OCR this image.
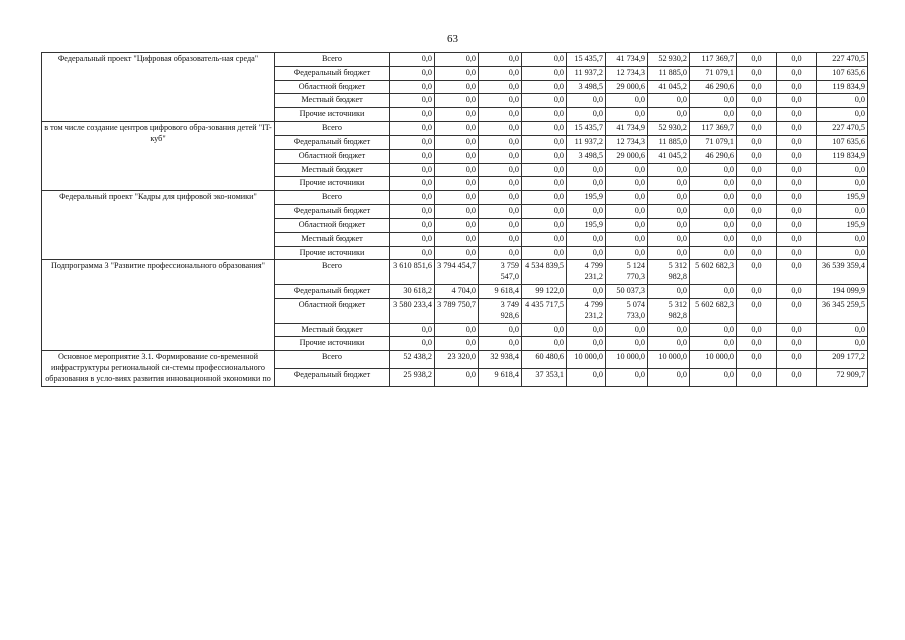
63
Федеральный проект "Цифровая образователь-ная среда"	Всего	0,0	0,0	0,0	0,0	15 435,7	41 734,9	52 930,2	117 369,7	0,0	0,0	227 470,5
	Федеральный бюджет	0,0	0,0	0,0	0,0	11 937,2	12 734,3	11 885,0	71 079,1	0,0	0,0	107 635,6
	Областной бюджет	0,0	0,0	0,0	0,0	3 498,5	29 000,6	41 045,2	46 290,6	0,0	0,0	119 834,9
	Местный бюджет	0,0	0,0	0,0	0,0	0,0	0,0	0,0	0,0	0,0	0,0	0,0
	Прочие источники	0,0	0,0	0,0	0,0	0,0	0,0	0,0	0,0	0,0	0,0	0,0
в том числе создание центров цифрового обра-зования детей "IT-куб"	Всего	0,0	0,0	0,0	0,0	15 435,7	41 734,9	52 930,2	117 369,7	0,0	0,0	227 470,5
	Федеральный бюджет	0,0	0,0	0,0	0,0	11 937,2	12 734,3	11 885,0	71 079,1	0,0	0,0	107 635,6
	Областной бюджет	0,0	0,0	0,0	0,0	3 498,5	29 000,6	41 045,2	46 290,6	0,0	0,0	119 834,9
	Местный бюджет	0,0	0,0	0,0	0,0	0,0	0,0	0,0	0,0	0,0	0,0	0,0
	Прочие источники	0,0	0,0	0,0	0,0	0,0	0,0	0,0	0,0	0,0	0,0	0,0
Федеральный проект "Кадры для цифровой эко-номики"	Всего	0,0	0,0	0,0	0,0	195,9	0,0	0,0	0,0	0,0	0,0	195,9
	Федеральный бюджет	0,0	0,0	0,0	0,0	0,0	0,0	0,0	0,0	0,0	0,0	0,0
	Областной бюджет	0,0	0,0	0,0	0,0	195,9	0,0	0,0	0,0	0,0	0,0	195,9
	Местный бюджет	0,0	0,0	0,0	0,0	0,0	0,0	0,0	0,0	0,0	0,0	0,0
	Прочие источники	0,0	0,0	0,0	0,0	0,0	0,0	0,0	0,0	0,0	0,0	0,0
Подпрограмма 3 "Развитие профессионального образования"	Всего	3 610 851,6	3 794 454,7	3 759 547,0	4 534 839,5	4 799 231,2	5 124 770,3	5 312 982,8	5 602 682,3	0,0	0,0	36 539 359,4
	Федеральный бюджет	30 618,2	4 704,0	9 618,4	99 122,0	0,0	50 037,3	0,0	0,0	0,0	0,0	194 099,9
	Областной бюджет	3 580 233,4	3 789 750,7	3 749 928,6	4 435 717,5	4 799 231,2	5 074 733,0	5 312 982,8	5 602 682,3	0,0	0,0	36 345 259,5
	Местный бюджет	0,0	0,0	0,0	0,0	0,0	0,0	0,0	0,0	0,0	0,0	0,0
	Прочие источники	0,0	0,0	0,0	0,0	0,0	0,0	0,0	0,0	0,0	0,0	0,0
Основное мероприятие 3.1. Формирование со-временной инфраструктуры региональной си-стемы профессионального образования в усло-виях развития инновационной экономики по	Всего	52 438,2	23 320,0	32 938,4	60 480,6	10 000,0	10 000,0	10 000,0	10 000,0	0,0	0,0	209 177,2
	Федеральный бюджет	25 938,2	0,0	9 618,4	37 353,1	0,0	0,0	0,0	0,0	0,0	0,0	72 909,7
